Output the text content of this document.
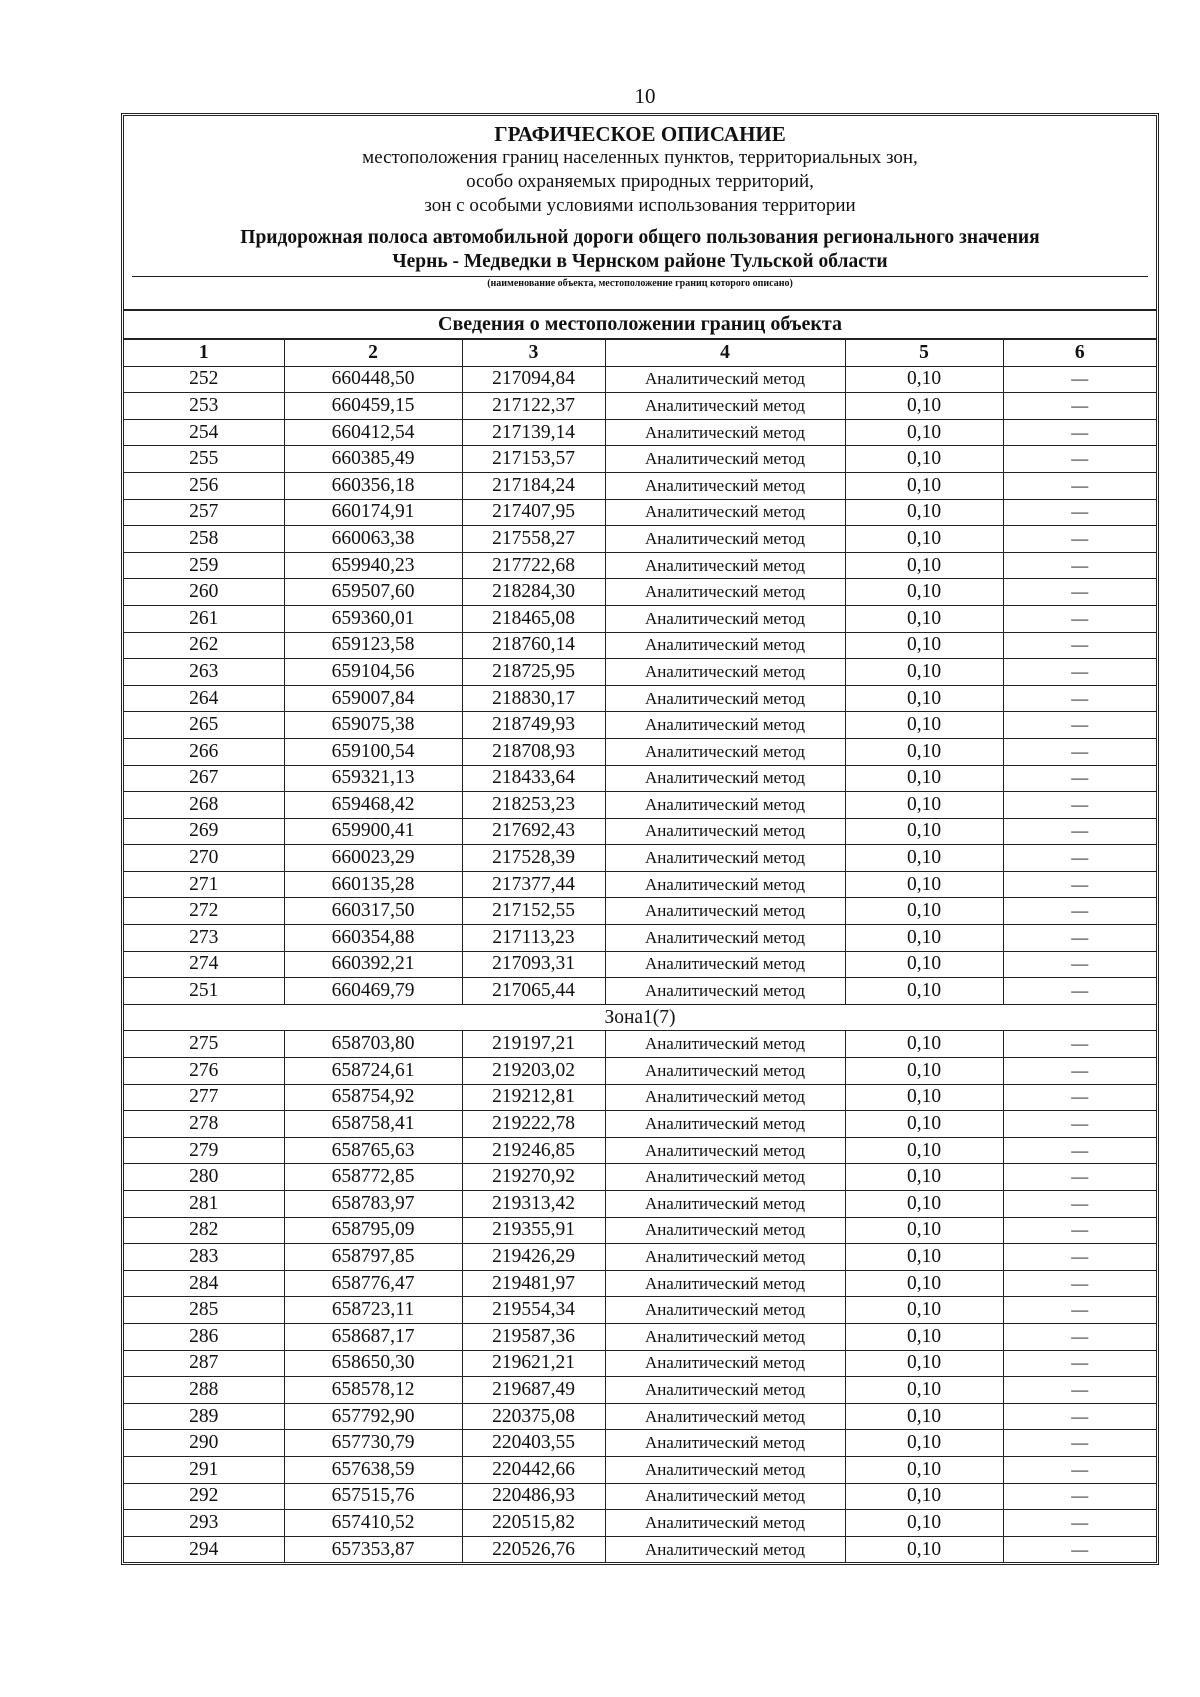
10
ГРАФИЧЕСКОЕ ОПИСАНИЕ
местоположения границ населенных пунктов, территориальных зон,
особо охраняемых природных территорий,
зон с особыми условиями использования территории
Придорожная полоса автомобильной дороги общего пользования регионального значения
Чернь - Медведки в Чернском районе Тульской области
(наименование объекта, местоположение границ которого описано)
Сведения о местоположении границ объекта
1	2	3	4	5	6
252	660448,50	217094,84	Аналитический метод	0,10	—
253	660459,15	217122,37	Аналитический метод	0,10	—
254	660412,54	217139,14	Аналитический метод	0,10	—
255	660385,49	217153,57	Аналитический метод	0,10	—
256	660356,18	217184,24	Аналитический метод	0,10	—
257	660174,91	217407,95	Аналитический метод	0,10	—
258	660063,38	217558,27	Аналитический метод	0,10	—
259	659940,23	217722,68	Аналитический метод	0,10	—
260	659507,60	218284,30	Аналитический метод	0,10	—
261	659360,01	218465,08	Аналитический метод	0,10	—
262	659123,58	218760,14	Аналитический метод	0,10	—
263	659104,56	218725,95	Аналитический метод	0,10	—
264	659007,84	218830,17	Аналитический метод	0,10	—
265	659075,38	218749,93	Аналитический метод	0,10	—
266	659100,54	218708,93	Аналитический метод	0,10	—
267	659321,13	218433,64	Аналитический метод	0,10	—
268	659468,42	218253,23	Аналитический метод	0,10	—
269	659900,41	217692,43	Аналитический метод	0,10	—
270	660023,29	217528,39	Аналитический метод	0,10	—
271	660135,28	217377,44	Аналитический метод	0,10	—
272	660317,50	217152,55	Аналитический метод	0,10	—
273	660354,88	217113,23	Аналитический метод	0,10	—
274	660392,21	217093,31	Аналитический метод	0,10	—
251	660469,79	217065,44	Аналитический метод	0,10	—
Зона1(7)					
275	658703,80	219197,21	Аналитический метод	0,10	—
276	658724,61	219203,02	Аналитический метод	0,10	—
277	658754,92	219212,81	Аналитический метод	0,10	—
278	658758,41	219222,78	Аналитический метод	0,10	—
279	658765,63	219246,85	Аналитический метод	0,10	—
280	658772,85	219270,92	Аналитический метод	0,10	—
281	658783,97	219313,42	Аналитический метод	0,10	—
282	658795,09	219355,91	Аналитический метод	0,10	—
283	658797,85	219426,29	Аналитический метод	0,10	—
284	658776,47	219481,97	Аналитический метод	0,10	—
285	658723,11	219554,34	Аналитический метод	0,10	—
286	658687,17	219587,36	Аналитический метод	0,10	—
287	658650,30	219621,21	Аналитический метод	0,10	—
288	658578,12	219687,49	Аналитический метод	0,10	—
289	657792,90	220375,08	Аналитический метод	0,10	—
290	657730,79	220403,55	Аналитический метод	0,10	—
291	657638,59	220442,66	Аналитический метод	0,10	—
292	657515,76	220486,93	Аналитический метод	0,10	—
293	657410,52	220515,82	Аналитический метод	0,10	—
294	657353,87	220526,76	Аналитический метод	0,10	—
